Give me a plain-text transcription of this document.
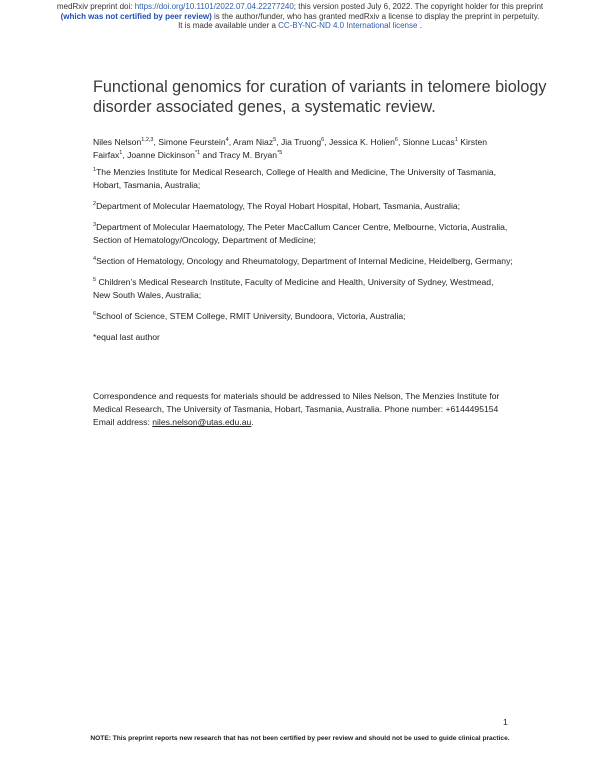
medRxiv preprint doi: https://doi.org/10.1101/2022.07.04.22277240; this version posted July 6, 2022. The copyright holder for this preprint
(which was not certified by peer review) is the author/funder, who has granted medRxiv a license to display the preprint in perpetuity.
It is made available under a CC-BY-NC-ND 4.0 International license .
Functional genomics for curation of variants in telomere biology disorder associated genes, a systematic review.
Niles Nelson$^{1,2,3}$, Simone Feurstein$^4$, Aram Niaz$^5$, Jia Truong$^6$, Jessica K. Holien$^6$, Sionne Lucas$^1$ Kirsten Fairfax$^1$, Joanne Dickinson$^{*1}$ and Tracy M. Bryan$^{*5}$

$^1$The Menzies Institute for Medical Research, College of Health and Medicine, The University of Tasmania, Hobart, Tasmania, Australia;

$^2$Department of Molecular Haematology, The Royal Hobart Hospital, Hobart, Tasmania, Australia;

$^3$Department of Molecular Haematology, The Peter MacCallum Cancer Centre, Melbourne, Victoria, Australia, Section of Hematology/Oncology, Department of Medicine;

$^4$Section of Hematology, Oncology and Rheumatology, Department of Internal Medicine, Heidelberg, Germany;

$^5$ Children’s Medical Research Institute, Faculty of Medicine and Health, University of Sydney, Westmead, New South Wales, Australia;

$^6$School of Science, STEM College, RMIT University, Bundoora, Victoria, Australia;

*equal last author

Correspondence and requests for materials should be addressed to Niles Nelson, The Menzies Institute for Medical Research, The University of Tasmania, Hobart, Tasmania, Australia. Phone number: +6144495154 Email address: niles.nelson@utas.edu.au.
1
NOTE: This preprint reports new research that has not been certified by peer review and should not be used to guide clinical practice.
